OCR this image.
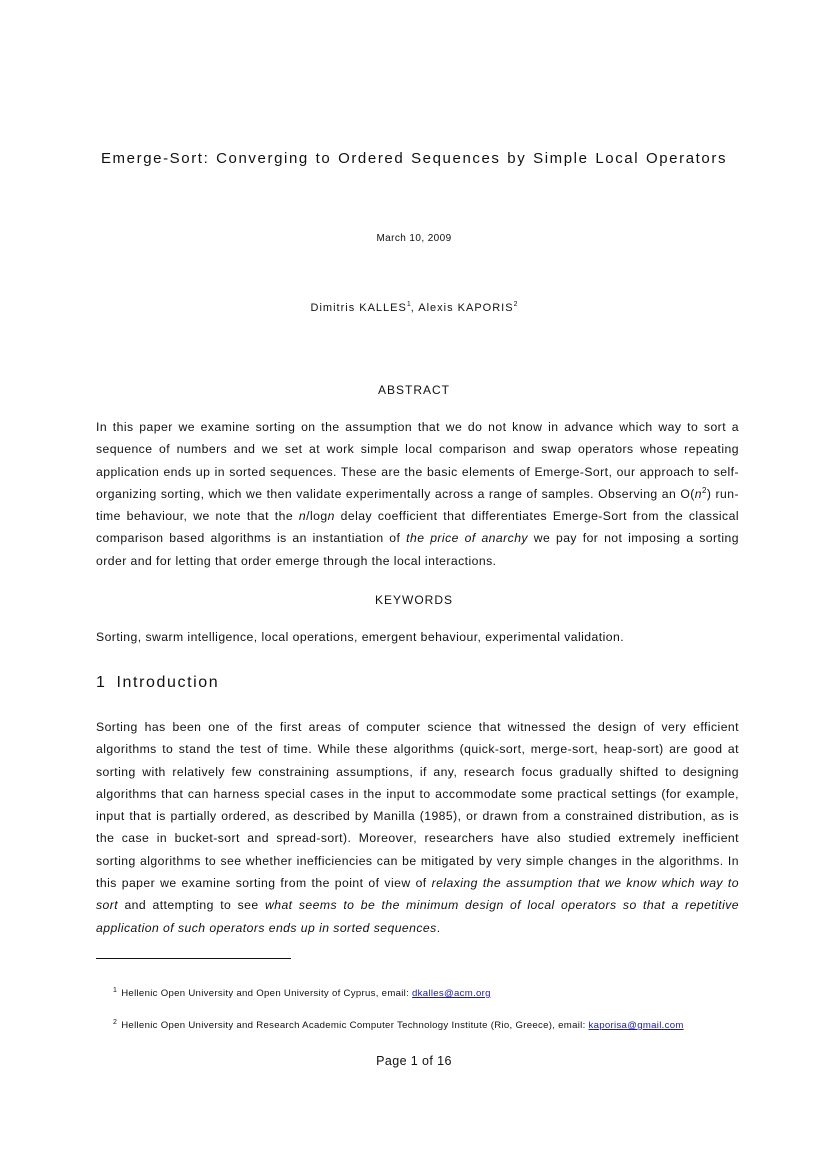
Emerge-Sort: Converging to Ordered Sequences by Simple Local Operators
March 10, 2009
Dimitris KALLES$^1$, Alexis KAPORIS$^2$
ABSTRACT
In this paper we examine sorting on the assumption that we do not know in advance which way to sort a sequence of numbers and we set at work simple local comparison and swap operators whose repeating application ends up in sorted sequences. These are the basic elements of Emerge-Sort, our approach to self-organizing sorting, which we then validate experimentally across a range of samples. Observing an $O(n^2)$ run-time behaviour, we note that the n/logn delay coefficient that differentiates Emerge-Sort from the classical comparison based algorithms is an instantiation of the price of anarchy we pay for not imposing a sorting order and for letting that order emerge through the local interactions.
KEYWORDS
Sorting, swarm intelligence, local operations, emergent behaviour, experimental validation.
1 Introduction
Sorting has been one of the first areas of computer science that witnessed the design of very efficient algorithms to stand the test of time. While these algorithms (quick-sort, merge-sort, heap-sort) are good at sorting with relatively few constraining assumptions, if any, research focus gradually shifted to designing algorithms that can harness special cases in the input to accommodate some practical settings (for example, input that is partially ordered, as described by Manilla (1985), or drawn from a constrained distribution, as is the case in bucket-sort and spread-sort). Moreover, researchers have also studied extremely inefficient sorting algorithms to see whether inefficiencies can be mitigated by very simple changes in the algorithms. In this paper we examine sorting from the point of view of relaxing the assumption that we know which way to sort and attempting to see what seems to be the minimum design of local operators so that a repetitive application of such operators ends up in sorted sequences.
$^1$ Hellenic Open University and Open University of Cyprus, email: dkalles@acm.org
$^2$ Hellenic Open University and Research Academic Computer Technology Institute (Rio, Greece), email: kaporisa@gmail.com
Page 1 of 16
